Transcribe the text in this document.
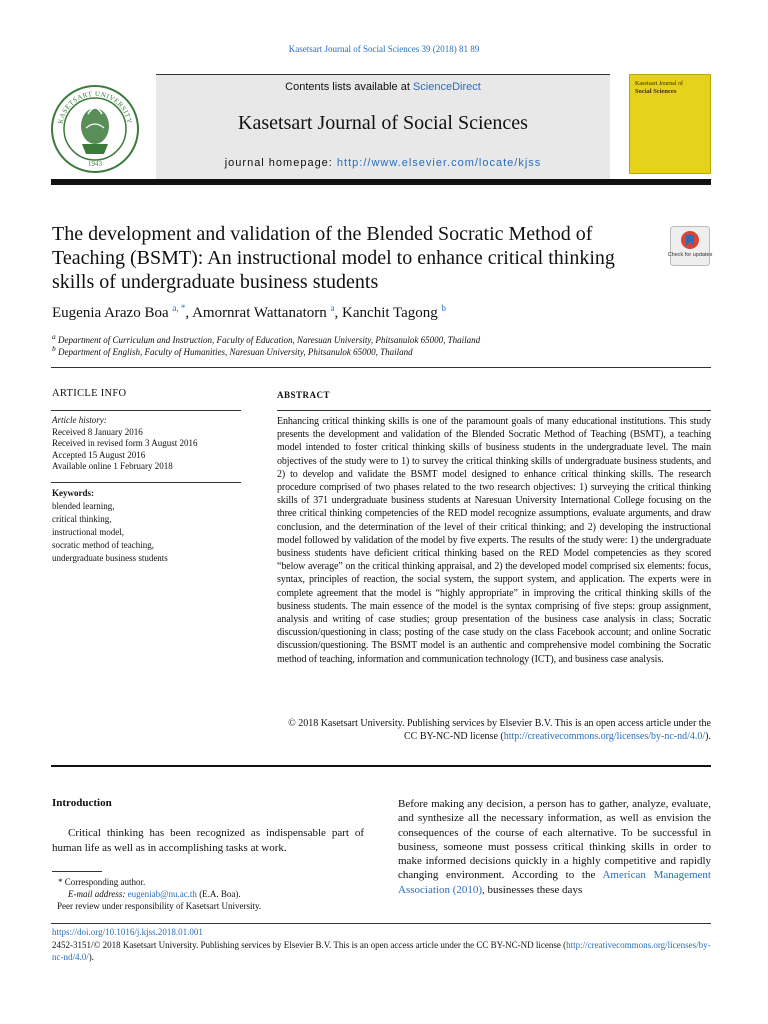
Kasetsart Journal of Social Sciences 39 (2018) 81 89
KASETSART UNIVERSITY
1943
Contents lists available at ScienceDirect
Kasetsart Journal of Social Sciences
journal homepage: http://www.elsevier.com/locate/kjss
Kasetsart Journal of
Social Sciences
The development and validation of the Blended Socratic Method of Teaching (BSMT): An instructional model to enhance critical thinking skills of undergraduate business students
Check for updates
Eugenia Arazo Boa $^{a, *}$, Amornrat Wattanatorn $^a$, Kanchit Tagong $^b$
$^a$ Department of Curriculum and Instruction, Faculty of Education, Naresuan University, Phitsanulok 65000, Thailand
$^b$ Department of English, Faculty of Humanities, Naresuan University, Phitsanulok 65000, Thailand
ARTICLE INFO	ABSTRACT
Article history:
Received 8 January 2016
Received in revised form 3 August 2016
Accepted 15 August 2016
Available online 1 February 2018
Keywords:
blended learning,
critical thinking,
instructional model,
socratic method of teaching,
undergraduate business students
Enhancing critical thinking skills is one of the paramount goals of many educational institutions. This study presents the development and validation of the Blended Socratic Method of Teaching (BSMT), a teaching model intended to foster critical thinking skills of business students in the undergraduate level. The main objectives of the study were to 1) to survey the critical thinking skills of undergraduate business students, and 2) to develop and validate the BSMT model designed to enhance critical thinking skills. The research procedure comprised of two phases related to the two research objectives: 1) surveying the critical thinking skills of 371 undergraduate business students at Naresuan University International College focusing on the three critical thinking competencies of the RED model recognize assumptions, evaluate arguments, and draw conclusion, and the determination of the level of their critical thinking; and 2) developing the instructional model followed by validation of the model by five experts. The results of the study were: 1) the undergraduate business students have deficient critical thinking based on the RED Model competencies as they scored “below average” on the critical thinking appraisal, and 2) the developed model comprised six elements: focus, syntax, principles of reaction, the social system, the support system, and application. The experts were in complete agreement that the model is “highly appropriate” in improving the critical thinking skills of the business students. The main essence of the model is the syntax comprising of five steps: group assignment, analysis and writing of case studies; group presentation of the business case analysis in class; Socratic discussion/questioning in class; posting of the case study on the class Facebook account; and online Socratic discussion/questioning. The BSMT model is an authentic and comprehensive model combining the Socratic method of teaching, information and communication technology (ICT), and business case analysis.
© 2018 Kasetsart University. Publishing services by Elsevier B.V. This is an open access article under the CC BY-NC-ND license (http://creativecommons.org/licenses/by-nc-nd/4.0/).
Introduction
Critical thinking has been recognized as indispensable part of human life as well as in accomplishing tasks at work.
* Corresponding author.
E-mail address: eugeniab@nu.ac.th (E.A. Boa).
Peer review under responsibility of Kasetsart University.
Before making any decision, a person has to gather, analyze, evaluate, and synthesize all the necessary information, as well as envision the consequences of the course of each alternative. To be successful in business, someone must possess critical thinking skills in order to make informed decisions quickly in a highly competitive and rapidly changing environment. According to the American Management Association (2010), businesses these days
https://doi.org/10.1016/j.kjss.2018.01.001
2452-3151/© 2018 Kasetsart University. Publishing services by Elsevier B.V. This is an open access article under the CC BY-NC-ND license (http://creativecommons.org/licenses/by-nc-nd/4.0/).
